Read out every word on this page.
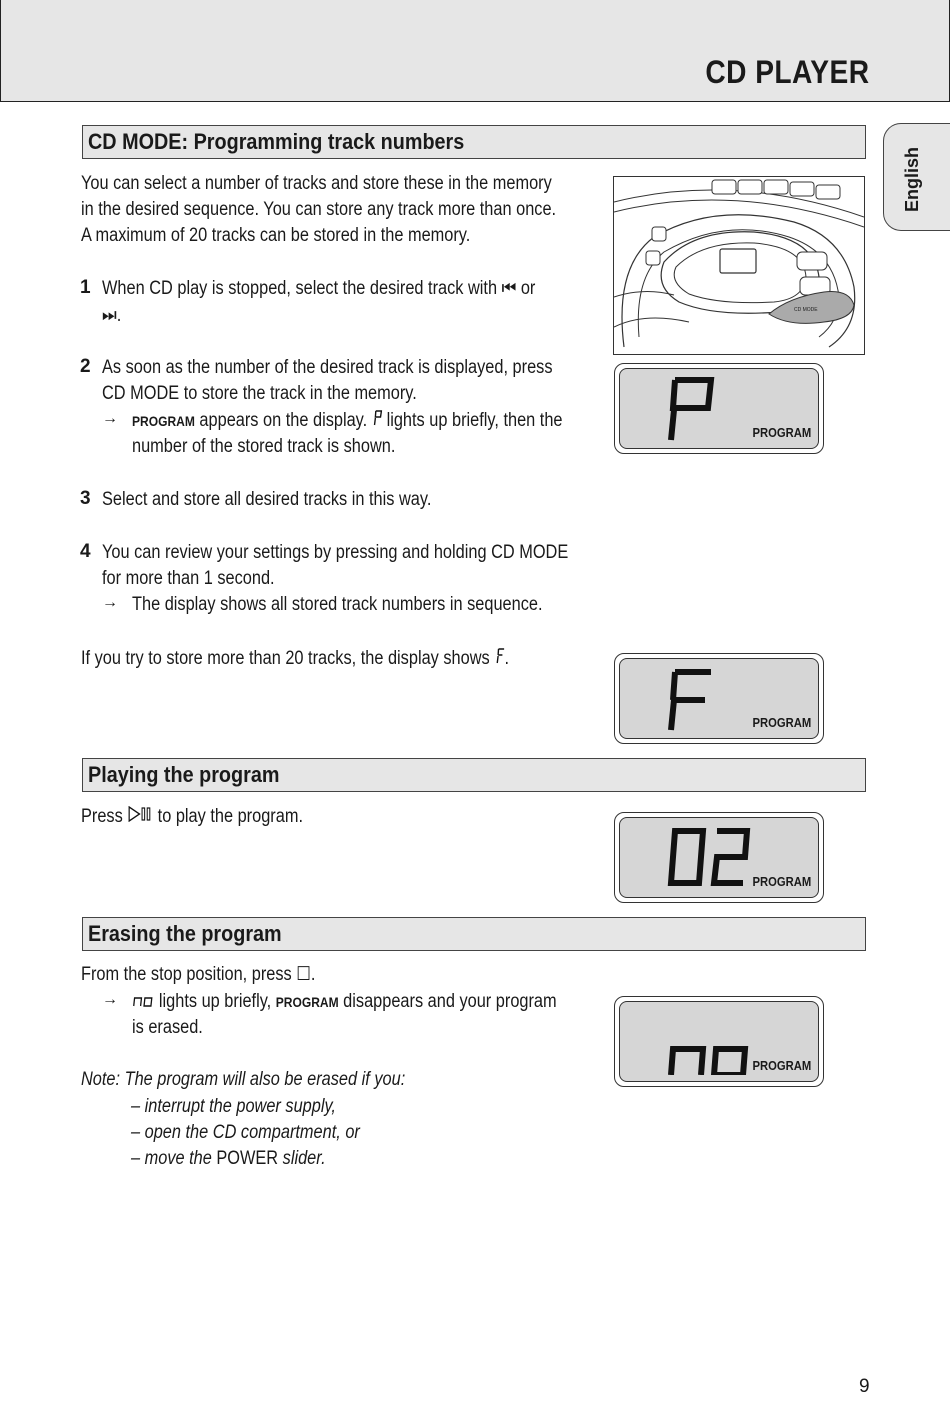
CD PLAYER
English
CD MODE: Programming track numbers
You can select a number of tracks and store these in the memory
in the desired sequence. You can store any track more than once.
A maximum of 20 tracks can be stored in the memory.
1 When CD play is stopped, select the desired track with ⏮ or
⏭.
2 As soon as the number of the desired track is displayed, press
CD MODE to store the track in the memory.
→ PROGRAM appears on the display.  lights up briefly, then the
number of the stored track is shown.
3 Select and store all desired tracks in this way.
4 You can review your settings by pressing and holding CD MODE
for more than 1 second.
→ The display shows all stored track numbers in sequence.
If you try to store more than 20 tracks, the display shows .
CD MODE
PROGRAM
PROGRAM
PROGRAM
PROGRAM
Playing the program
Press  to play the program.
Erasing the program
From the stop position, press ☐.
→	lights up briefly, PROGRAM disappears and your program
is erased.
Note: The program will also be erased if you:
– interrupt the power supply,
– open the CD compartment, or
– move the POWER slider.
9
